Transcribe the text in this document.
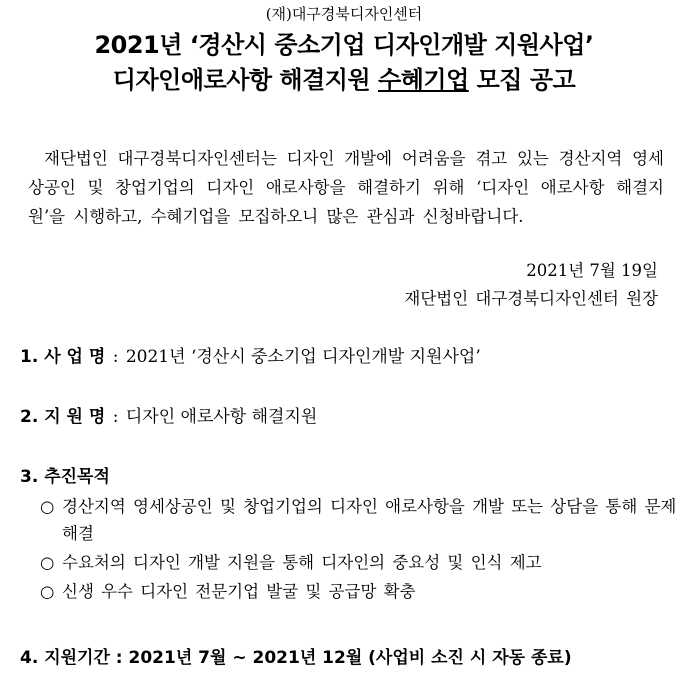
(재)대구경북디자인센터
2021년 ‘경산시 중소기업 디자인개발 지원사업’
디자인애로사항 해결지원 수혜기업 모집 공고
재단법인 대구경북디자인센터는 디자인 개발에 어려움을 겪고 있는 경산지역 영세상공인 및 창업기업의 디자인 애로사항을 해결하기 위해 ‘디자인 애로사항 해결지원’을 시행하고, 수혜기업을 모집하오니 많은 관심과 신청바랍니다.
2021년 7월 19일
재단법인 대구경북디자인센터 원장
1. 사 업 명 : 2021년 ‘경산시 중소기업 디자인개발 지원사업’
2. 지 원 명 : 디자인 애로사항 해결지원
3. 추진목적
○ 경산지역 영세상공인 및 창업기업의 디자인 애로사항을 개발 또는 상담을 통해 문제해결
○ 수요처의 디자인 개발 지원을 통해 디자인의 중요성 및 인식 제고
○ 신생 우수 디자인 전문기업 발굴 및 공급망 확충
4. 지원기간 : 2021년 7월 ~ 2021년 12월 (사업비 소진 시 자동 종료)
